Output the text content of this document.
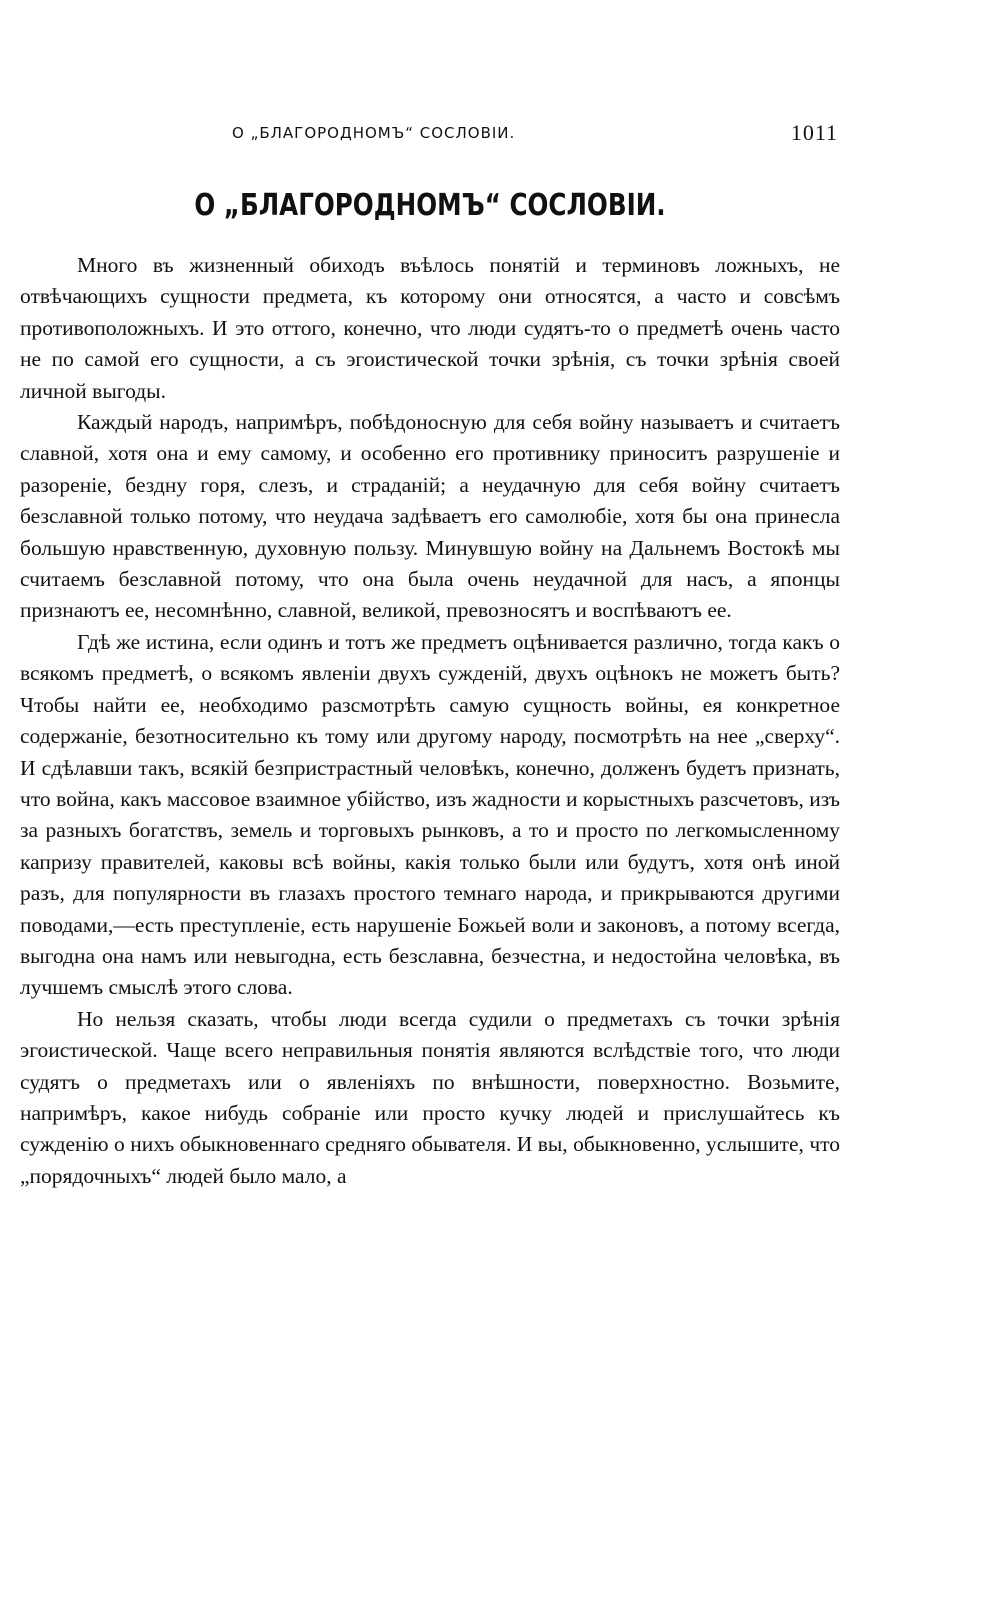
О „БЛАГОРОДНОМЪ“ СОСЛОВІИ.	1011
О „БЛАГОРОДНОМЪ“ СОСЛОВІИ.

Много въ жизненный обиходъ въѣлось понятій и терминовъ ложныхъ, не отвѣчающихъ сущности предмета, къ которому они относятся, а часто и совсѣмъ противоположныхъ. И это оттого, конечно, что люди судятъ-то о предметѣ очень часто не по самой его сущности, а съ эгоистической точки зрѣнія, съ точки зрѣнія своей личной выгоды.

Каждый народъ, напримѣръ, побѣдоносную для себя войну называетъ и считаетъ славной, хотя она и ему самому, и особенно его противнику приноситъ разрушеніе и разореніе, бездну горя, слезъ, и страданій; а неудачную для себя войну считаетъ безславной только потому, что неудача задѣваетъ его самолюбіе, хотя бы она принесла большую нравственную, духовную пользу. Минувшую войну на Дальнемъ Востокѣ мы считаемъ безславной потому, что она была очень неудачной для насъ, а японцы признаютъ ее, несомнѣнно, славной, великой, превозносятъ и воспѣваютъ ее.

Гдѣ же истина, если одинъ и тотъ же предметъ оцѣнивается различно, тогда какъ о всякомъ предметѣ, о всякомъ явленіи двухъ сужденій, двухъ оцѣнокъ не можетъ быть? Чтобы найти ее, необходимо разсмотрѣть самую сущность войны, ея конкретное содержаніе, безотносительно къ тому или другому народу, посмотрѣть на нее „сверху“. И сдѣлавши такъ, всякій безпристрастный человѣкъ, конечно, долженъ будетъ признать, что война, какъ массовое взаимное убійство, изъ жадности и корыстныхъ разсчетовъ, изъ за разныхъ богатствъ, земель и торговыхъ рынковъ, а то и просто по легкомысленному капризу правителей, каковы всѣ войны, какія только были или будутъ, хотя онѣ иной разъ, для популярности въ глазахъ простого темнаго народа, и прикрываются другими поводами,—есть преступленіе, есть нарушеніе Божьей воли и законовъ, а потому всегда, выгодна она намъ или невыгодна, есть безславна, безчестна, и недостойна человѣка, въ лучшемъ смыслѣ этого слова.

Но нельзя сказать, чтобы люди всегда судили о предметахъ съ точки зрѣнія эгоистической. Чаще всего неправильныя понятія являются вслѣдствіе того, что люди судятъ о предметахъ или о явленіяхъ по внѣшности, поверхностно. Возьмите, напримѣръ, какое нибудь собраніе или просто кучку людей и прислушайтесь къ сужденію о нихъ обыкновеннаго средняго обывателя. И вы, обыкновенно, услышите, что „порядочныхъ“ людей было мало, а
